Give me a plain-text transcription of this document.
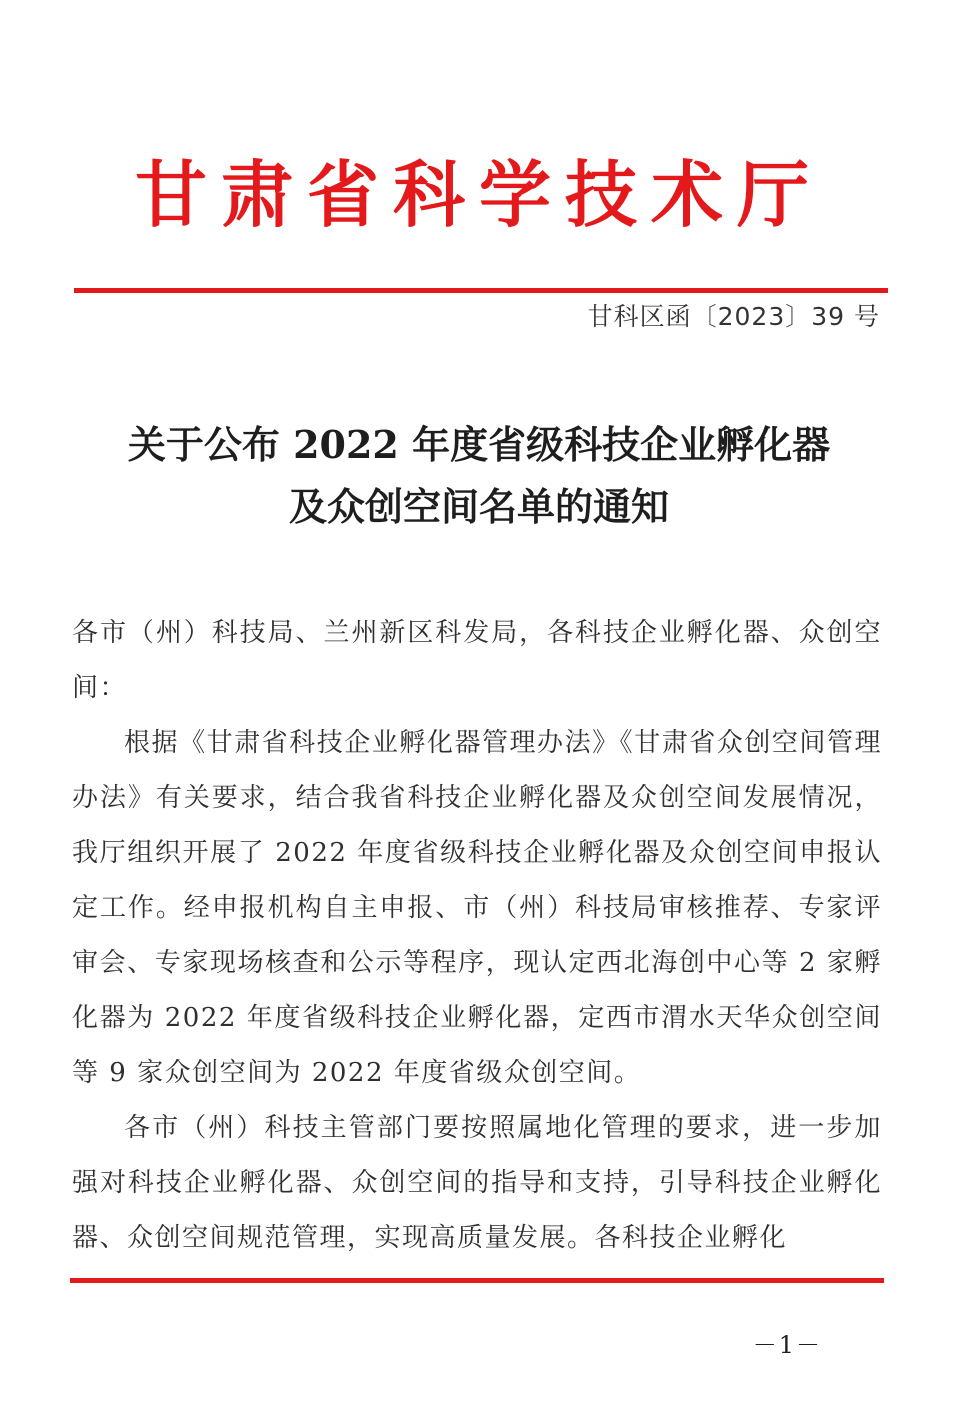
甘肃省科学技术厅
甘科区函〔2023〕39 号
关于公布 2022 年度省级科技企业孵化器
及众创空间名单的通知

各市（州）科技局、兰州新区科发局，各科技企业孵化器、众创空间：

根据《甘肃省科技企业孵化器管理办法》《甘肃省众创空间管理办法》有关要求，结合我省科技企业孵化器及众创空间发展情况，我厅组织开展了 2022 年度省级科技企业孵化器及众创空间申报认定工作。经申报机构自主申报、市（州）科技局审核推荐、专家评审会、专家现场核查和公示等程序，现认定西北海创中心等 2 家孵化器为 2022 年度省级科技企业孵化器，定西市渭水天华众创空间等 9 家众创空间为 2022 年度省级众创空间。

各市（州）科技主管部门要按照属地化管理的要求，进一步加强对科技企业孵化器、众创空间的指导和支持，引导科技企业孵化器、众创空间规范管理，实现高质量发展。各科技企业孵化

－1－
